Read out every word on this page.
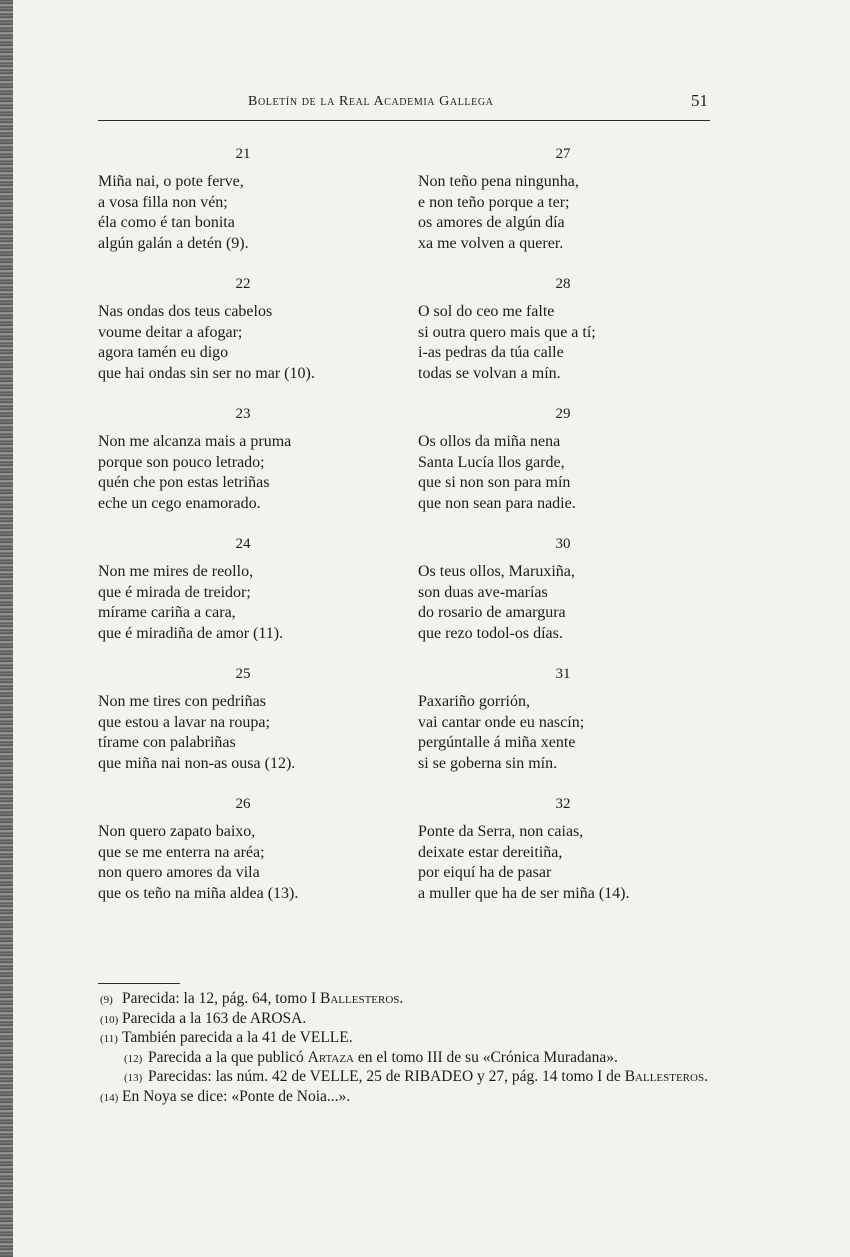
Boletín de la Real Academia Gallega	51
21
Miña nai, o pote ferve,
a vosa filla non vén;
éla como é tan bonita
algún galán a detén (9).
22
Nas ondas dos teus cabelos
voume deitar a afogar;
agora tamén eu digo
que hai ondas sin ser no mar (10).
23
Non me alcanza mais a pruma
porque son pouco letrado;
quén che pon estas letriñas
eche un cego enamorado.
24
Non me mires de reollo,
que é mirada de treidor;
mírame cariña a cara,
que é miradiña de amor (11).
25
Non me tires con pedriñas
que estou a lavar na roupa;
tírame con palabriñas
que miña nai non-as ousa (12).
26
Non quero zapato baixo,
que se me enterra na aréa;
non quero amores da vila
que os teño na miña aldea (13).
27
Non teño pena ningunha,
e non teño porque a ter;
os amores de algún día
xa me volven a querer.
28
O sol do ceo me falte
si outra quero mais que a tí;
i-as pedras da túa calle
todas se volvan a mín.
29
Os ollos da miña nena
Santa Lucía llos garde,
que si non son para mín
que non sean para nadie.
30
Os teus ollos, Maruxiña,
son duas ave-marías
do rosario de amargura
que rezo todol-os días.
31
Paxariño gorrión,
vai cantar onde eu nascín;
pergúntalle á miña xente
si se goberna sin mín.
32
Ponte da Serra, non caias,
deixate estar dereitiña,
por eiquí ha de pasar
a muller que ha de ser miña (14).

(9) Parecida: la 12, pág. 64, tomo I Ballesteros.

(10) Parecida a la 163 de AROSA.

(11) También parecida a la 41 de VELLE.

(12) Parecida a la que publicó Artaza en el tomo III de su «Crónica Muradana».

(13) Parecidas: las núm. 42 de VELLE, 25 de RIBADEO y 27, pág. 14 tomo I de Ballesteros.

(14) En Noya se dice: «Ponte de Noia...».
